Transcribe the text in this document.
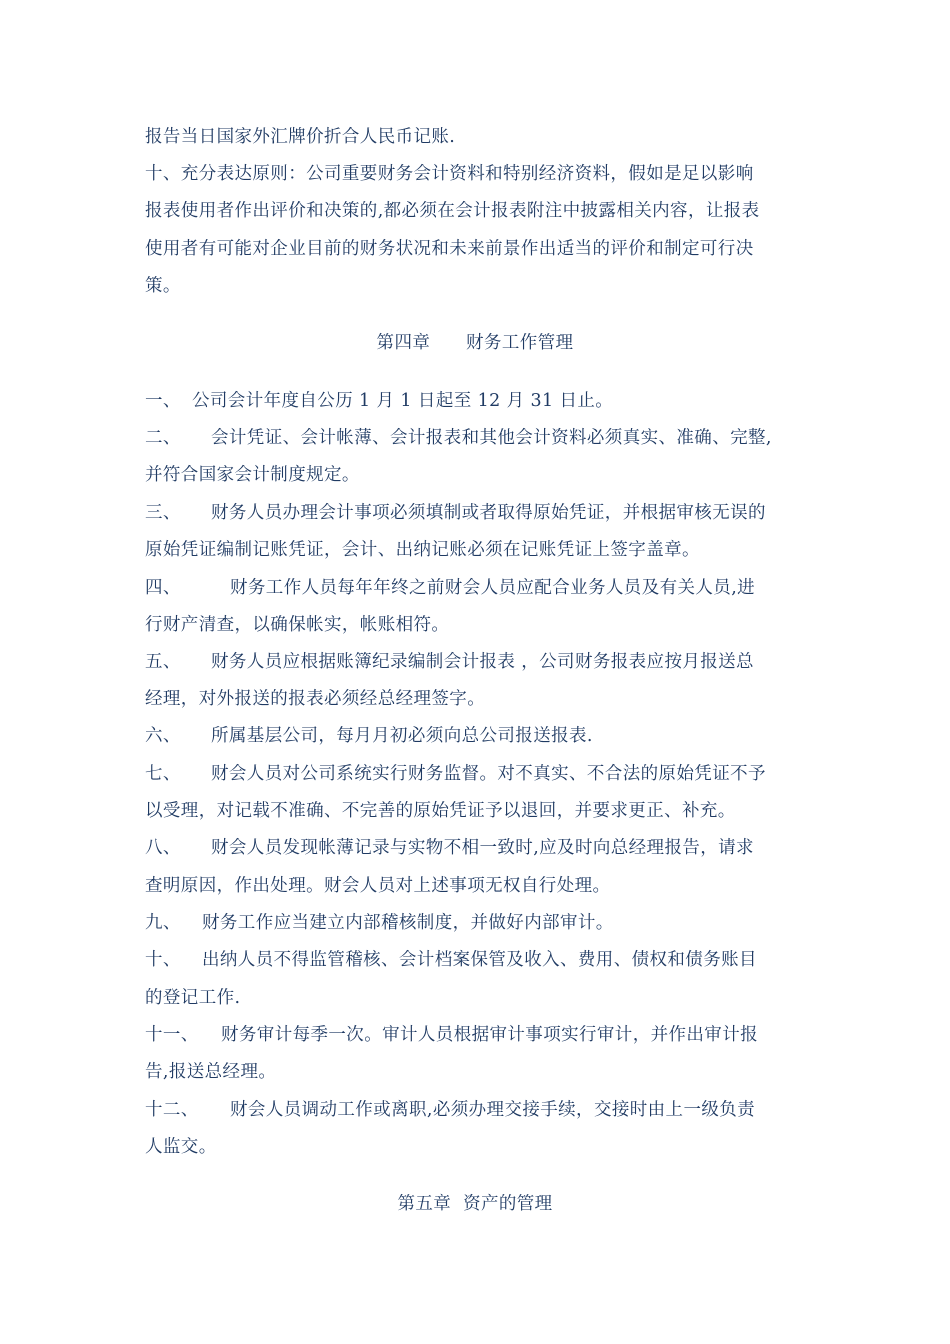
报告当日国家外汇牌价折合人民币记账.
十、充分表达原则：公司重要财务会计资料和特别经济资料，假如是足以影响
报表使用者作出评价和决策的,都必须在会计报表附注中披露相关内容，让报表
使用者有可能对企业目前的财务状况和未来前景作出适当的评价和制定可行决
策。
第四章      财务工作管理
一、 公司会计年度自公历 1 月 1 日起至 12 月 31 日止。
二、 会计凭证、会计帐薄、会计报表和其他会计资料必须真实、准确、完整,
并符合国家会计制度规定。
三、 财务人员办理会计事项必须填制或者取得原始凭证，并根据审核无误的
原始凭证编制记账凭证，会计、出纳记账必须在记账凭证上签字盖章。
四、	财务工作人员每年年终之前财会人员应配合业务人员及有关人员,进
行财产清查，以确保帐实，帐账相符。
五、 财务人员应根据账簿纪录编制会计报表 ，公司财务报表应按月报送总
经理，对外报送的报表必须经总经理签字。
六、 所属基层公司，每月月初必须向总公司报送报表.
七、 财会人员对公司系统实行财务监督。对不真实、不合法的原始凭证不予
以受理，对记载不准确、不完善的原始凭证予以退回，并要求更正、补充。
八、 财会人员发现帐薄记录与实物不相一致时,应及时向总经理报告，请求
查明原因，作出处理。财会人员对上述事项无权自行处理。
九、 财务工作应当建立内部稽核制度，并做好内部审计。
十、 出纳人员不得监管稽核、会计档案保管及收入、费用、债权和债务账目
的登记工作.
十一、 财务审计每季一次。审计人员根据审计事项实行审计，并作出审计报
告,报送总经理。
十二、 财会人员调动工作或离职,必须办理交接手续，交接时由上一级负责
人监交。
第五章  资产的管理
